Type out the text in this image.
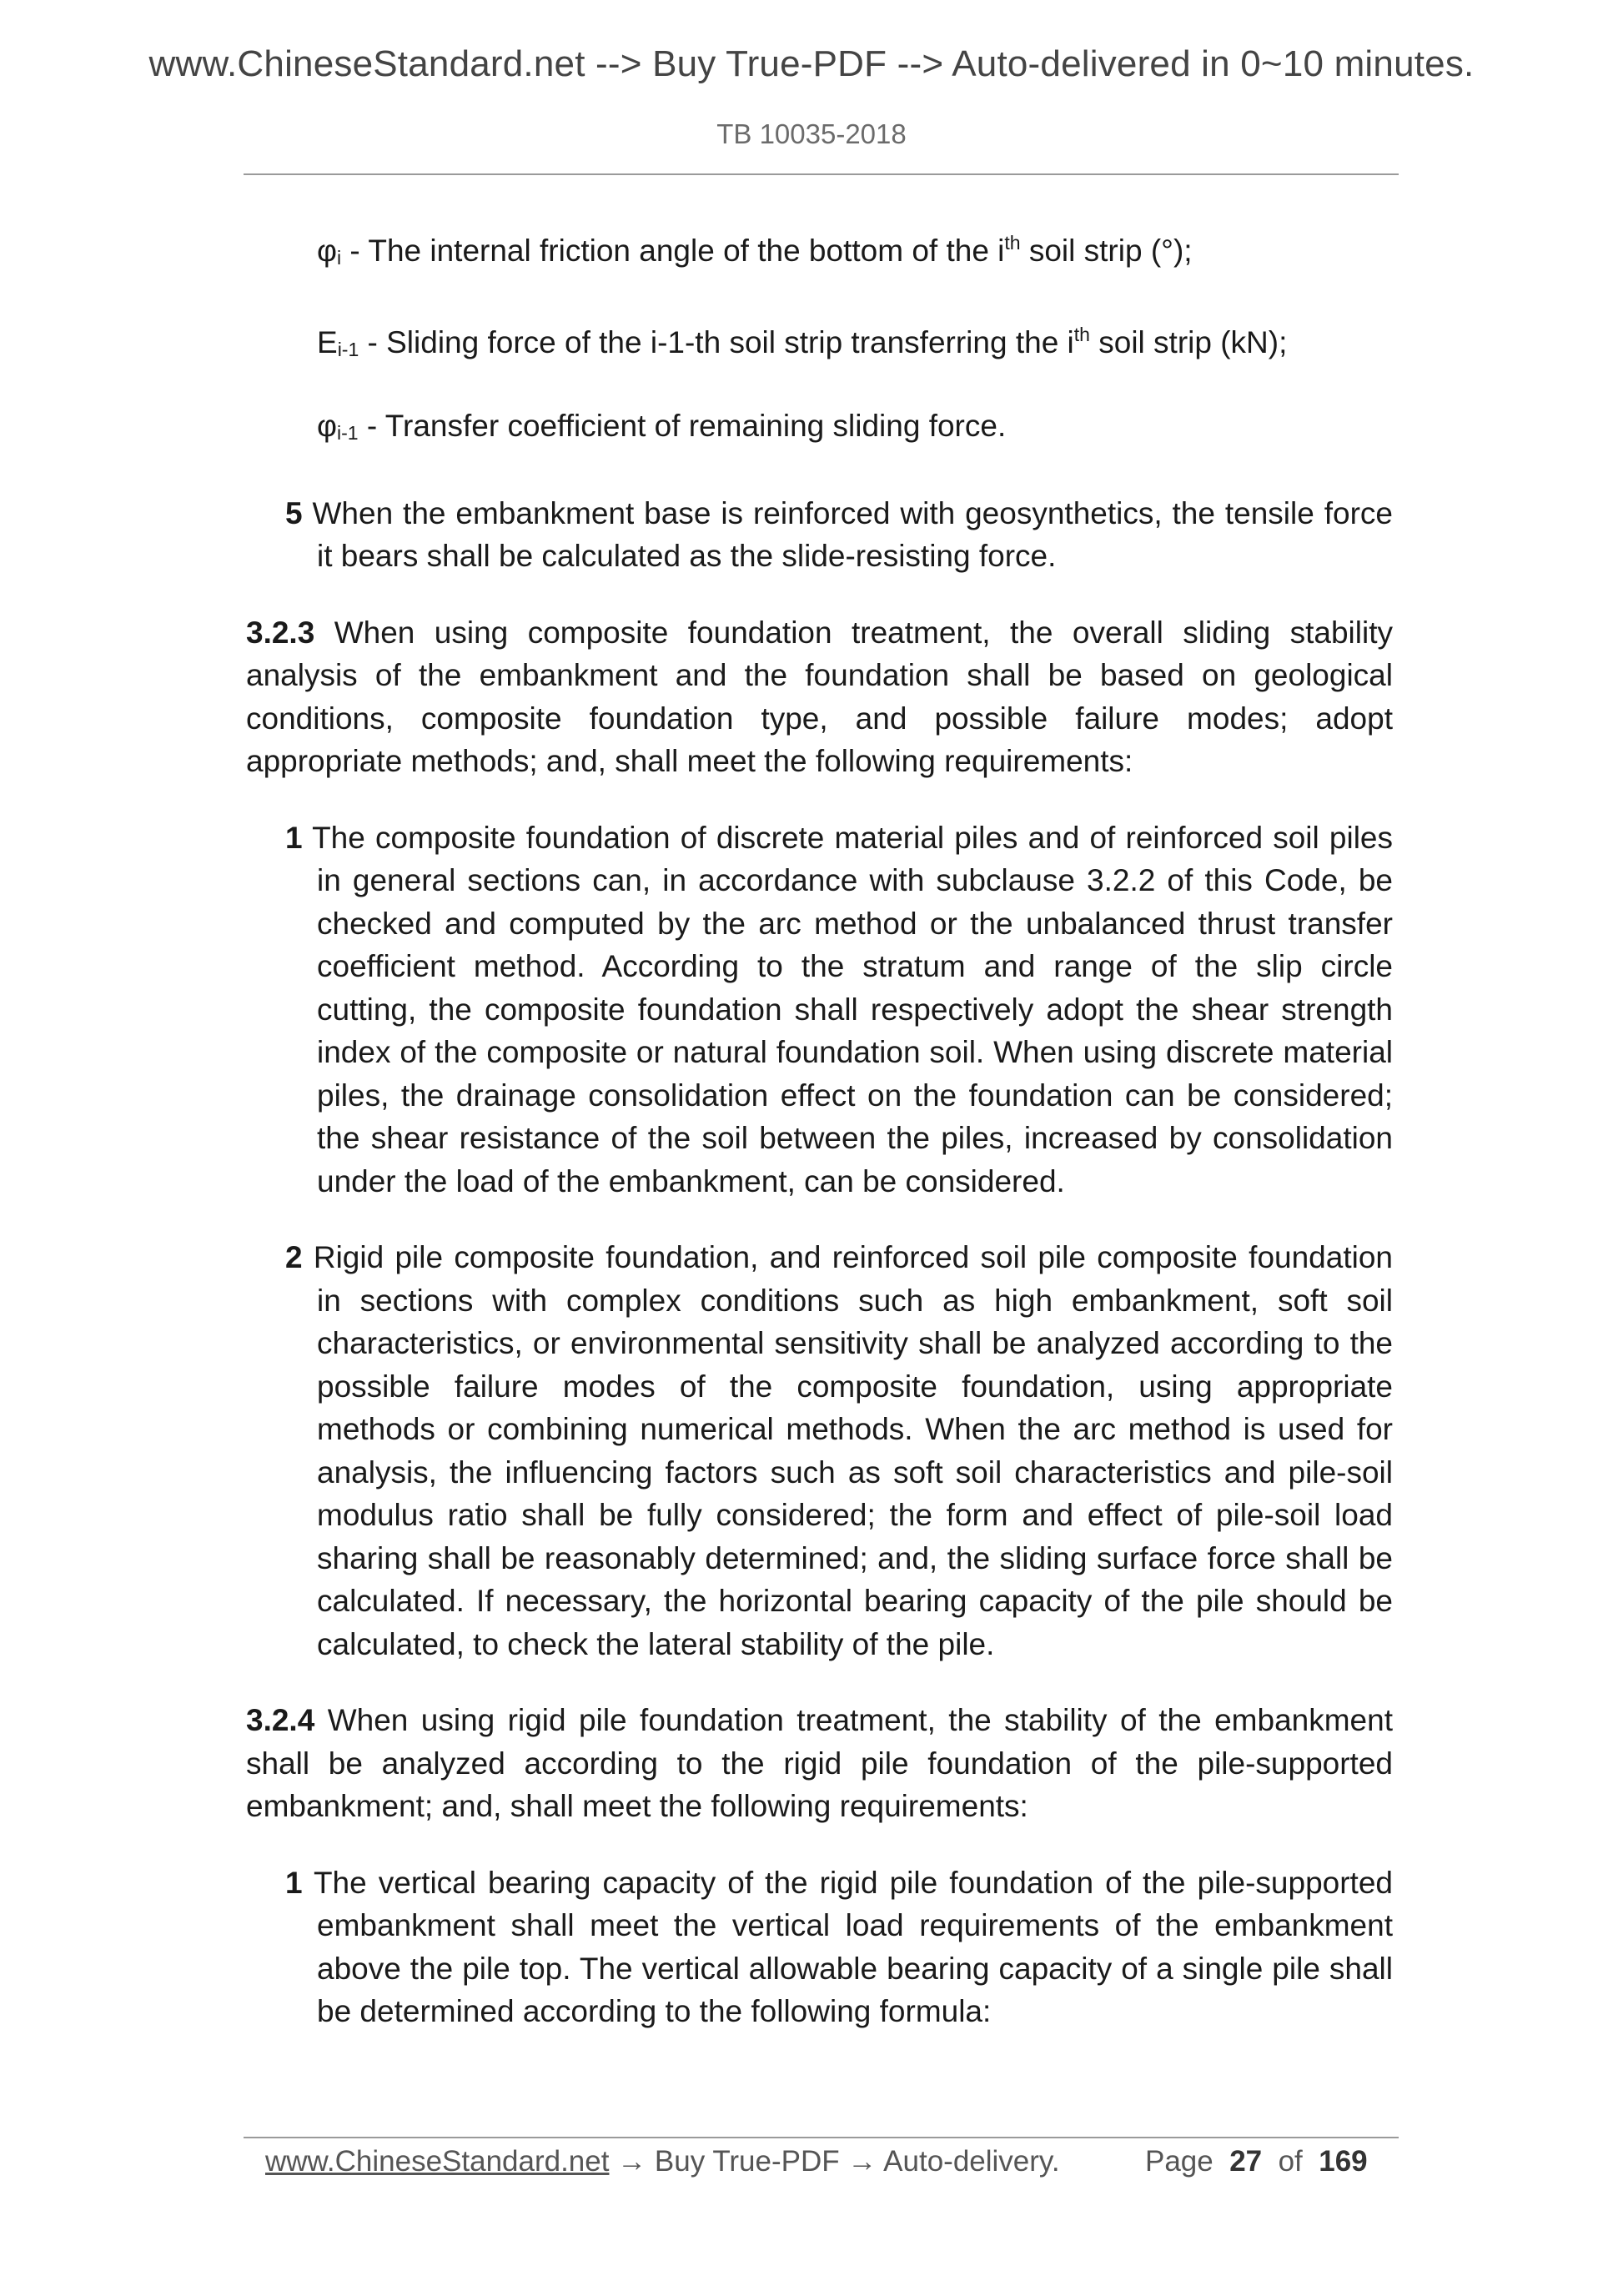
www.ChineseStandard.net --> Buy True-PDF --> Auto-delivered in 0~10 minutes.
TB 10035-2018

φi - The internal friction angle of the bottom of the $i^{th}$ soil strip (°);

Ei-1 - Sliding force of the i-1-th soil strip transferring the $i^{th}$ soil strip (kN);

φi-1 - Transfer coefficient of remaining sliding force.

5 When the embankment base is reinforced with geosynthetics, the tensile force it bears shall be calculated as the slide-resisting force.

3.2.3 When using composite foundation treatment, the overall sliding stability analysis of the embankment and the foundation shall be based on geological conditions, composite foundation type, and possible failure modes; adopt appropriate methods; and, shall meet the following requirements:

1 The composite foundation of discrete material piles and of reinforced soil piles in general sections can, in accordance with subclause 3.2.2 of this Code, be checked and computed by the arc method or the unbalanced thrust transfer coefficient method. According to the stratum and range of the slip circle cutting, the composite foundation shall respectively adopt the shear strength index of the composite or natural foundation soil. When using discrete material piles, the drainage consolidation effect on the foundation can be considered; the shear resistance of the soil between the piles, increased by consolidation under the load of the embankment, can be considered.

2 Rigid pile composite foundation, and reinforced soil pile composite foundation in sections with complex conditions such as high embankment, soft soil characteristics, or environmental sensitivity shall be analyzed according to the possible failure modes of the composite foundation, using appropriate methods or combining numerical methods. When the arc method is used for analysis, the influencing factors such as soft soil characteristics and pile-soil modulus ratio shall be fully considered; the form and effect of pile-soil load sharing shall be reasonably determined; and, the sliding surface force shall be calculated. If necessary, the horizontal bearing capacity of the pile should be calculated, to check the lateral stability of the pile.

3.2.4 When using rigid pile foundation treatment, the stability of the embankment shall be analyzed according to the rigid pile foundation of the pile-supported embankment; and, shall meet the following requirements:

1 The vertical bearing capacity of the rigid pile foundation of the pile-supported embankment shall meet the vertical load requirements of the embankment above the pile top. The vertical allowable bearing capacity of a single pile shall be determined according to the following formula:

www.ChineseStandard.net → Buy True-PDF → Auto-delivery.	Page 27 of 169
